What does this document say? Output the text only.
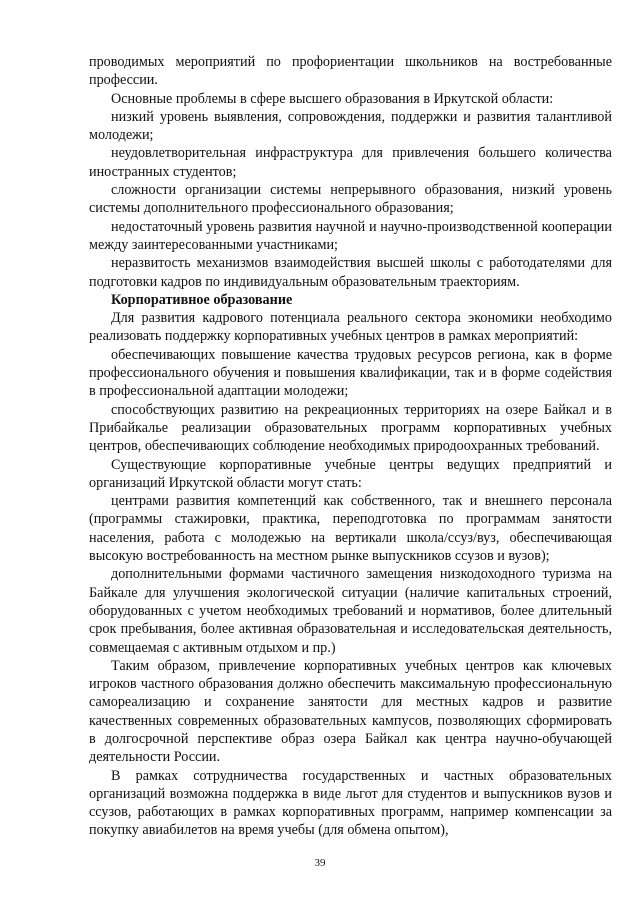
проводимых мероприятий по профориентации школьников на востребованные профессии.

Основные проблемы в сфере высшего образования в Иркутской области:

низкий уровень выявления, сопровождения, поддержки и развития талантливой молодежи;

неудовлетворительная инфраструктура для привлечения большего количества иностранных студентов;

сложности организации системы непрерывного образования, низкий уровень системы дополнительного профессионального образования;

недостаточный уровень развития научной и научно-производственной кооперации между заинтересованными участниками;

неразвитость механизмов взаимодействия высшей школы с работодателями для подготовки кадров по индивидуальным образовательным траекториям.

Корпоративное образование

Для развития кадрового потенциала реального сектора экономики необходимо реализовать поддержку корпоративных учебных центров в рамках мероприятий:

обеспечивающих повышение качества трудовых ресурсов региона, как в форме профессионального обучения и повышения квалификации, так и в форме содействия в профессиональной адаптации молодежи;

способствующих развитию на рекреационных территориях на озере Байкал и в Прибайкалье реализации образовательных программ корпоративных учебных центров, обеспечивающих соблюдение необходимых природоохранных требований.

Существующие корпоративные учебные центры ведущих предприятий и организаций Иркутской области могут стать:

центрами развития компетенций как собственного, так и внешнего персонала (программы стажировки, практика, переподготовка по программам занятости населения, работа с молодежью на вертикали школа/ссуз/вуз, обеспечивающая высокую востребованность на местном рынке выпускников ссузов и вузов);

дополнительными формами частичного замещения низкодоходного туризма на Байкале для улучшения экологической ситуации (наличие капитальных строений, оборудованных с учетом необходимых требований и нормативов, более длительный срок пребывания, более активная образовательная и исследовательская деятельность, совмещаемая с активным отдыхом и пр.)

Таким образом, привлечение корпоративных учебных центров как ключевых игроков частного образования должно обеспечить максимальную профессиональную самореализацию и сохранение занятости для местных кадров и развитие качественных современных образовательных кампусов, позволяющих сформировать в долгосрочной перспективе образ озера Байкал как центра научно-обучающей деятельности России.

В рамках сотрудничества государственных и частных образовательных организаций возможна поддержка в виде льгот для студентов и выпускников вузов и ссузов, работающих в рамках корпоративных программ, например компенсации за покупку авиабилетов на время учебы (для обмена опытом),

39
